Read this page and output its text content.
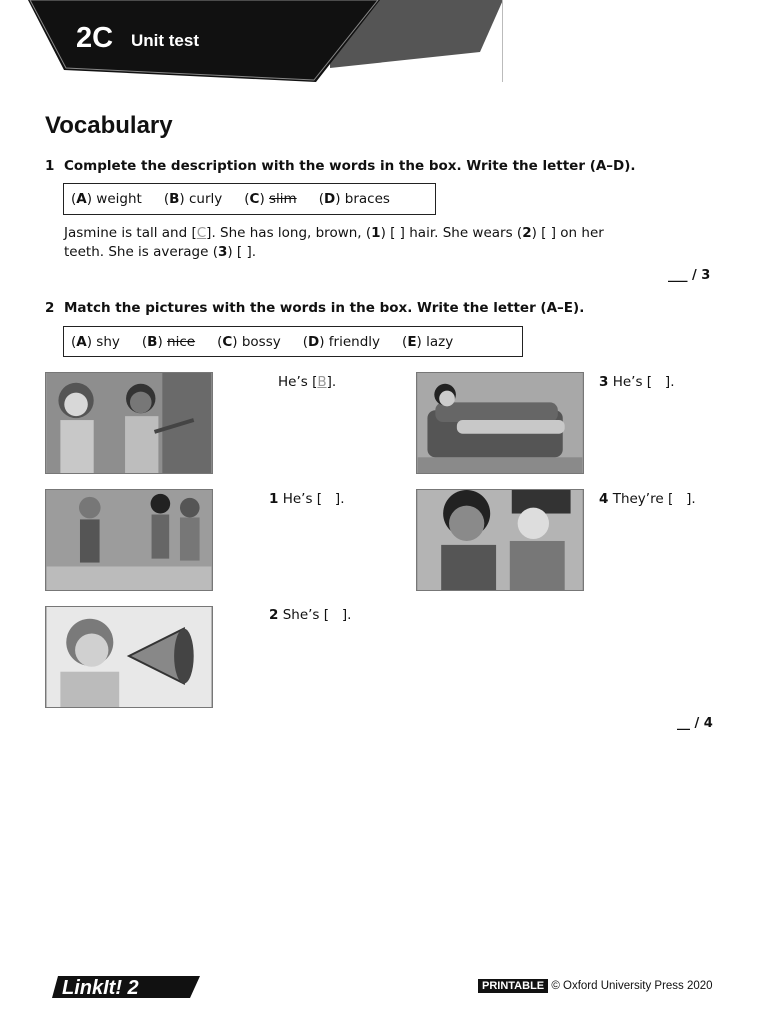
2C Unit test
Vocabulary
1 Complete the description with the words in the box. Write the letter (A–D).
(A) weight (B) curly (C) slim (D) braces
Jasmine is tall and [C]. She has long, brown, (1) [ ] hair. She wears (2) [ ] on her
teeth. She is average (3) [ ].
___ / 3
2 Match the pictures with the words in the box. Write the letter (A–E).
(A) shy (B) nice (C) bossy (D) friendly (E) lazy
He’s [B].
1 He’s [   ].
2 She’s [   ].
3 He’s [   ].
4 They’re [   ].
__ / 4
LinkIt! 2	PRINTABLE © Oxford University Press 2020
